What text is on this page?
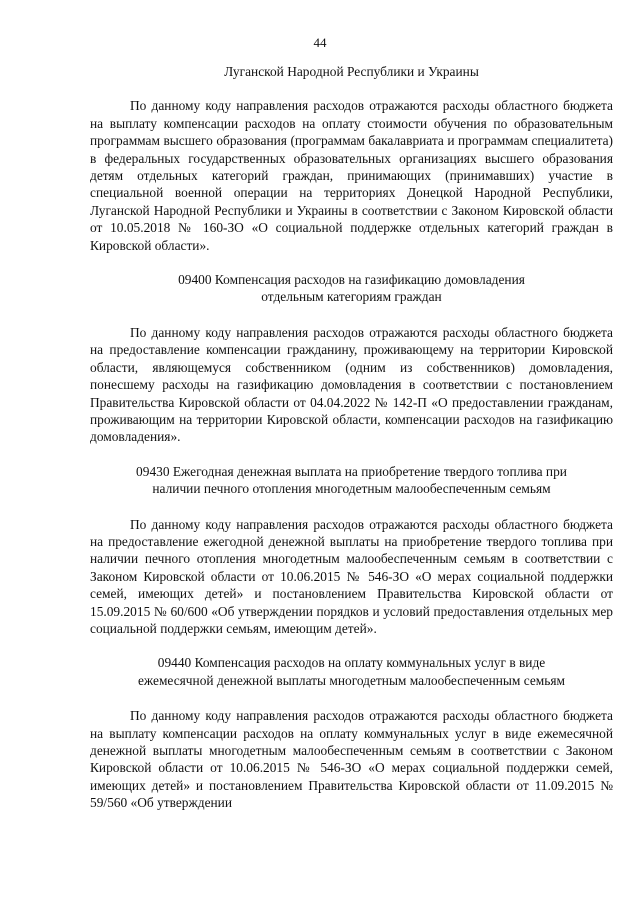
44

Луганской Народной Республики и Украины

По данному коду направления расходов отражаются расходы областного бюджета на выплату компенсации расходов на оплату стоимости обучения по образовательным программам высшего образования (программам бакалавриата и программам специалитета) в федеральных государственных образовательных организациях высшего образования детям отдельных категорий граждан, принимающих (принимавших) участие в специальной военной операции на территориях Донецкой Народной Республики, Луганской Народной Республики и Украины в соответствии с Законом Кировской области от 10.05.2018 № 160-ЗО «О социальной поддержке отдельных категорий граждан в Кировской области».

09400 Компенсация расходов на газификацию домовладения
отдельным категориям граждан

По данному коду направления расходов отражаются расходы областного бюджета на предоставление компенсации гражданину, проживающему на территории Кировской области, являющемуся собственником (одним из собственников) домовладения, понесшему расходы на газификацию домовладения в соответствии с постановлением Правительства Кировской области от 04.04.2022 № 142-П «О предоставлении гражданам, проживающим на территории Кировской области, компенсации расходов на газификацию домовладения».

09430 Ежегодная денежная выплата на приобретение твердого топлива при
наличии печного отопления многодетным малообеспеченным семьям

По данному коду направления расходов отражаются расходы областного бюджета на предоставление ежегодной денежной выплаты на приобретение твердого топлива при наличии печного отопления многодетным малообеспеченным семьям в соответствии с Законом Кировской области от 10.06.2015 № 546-ЗО «О мерах социальной поддержки семей, имеющих детей» и постановлением Правительства Кировской области от 15.09.2015 № 60/600 «Об утверждении порядков и условий предоставления отдельных мер социальной поддержки семьям, имеющим детей».

09440 Компенсация расходов на оплату коммунальных услуг в виде
ежемесячной денежной выплаты многодетным малообеспеченным семьям

По данному коду направления расходов отражаются расходы областного бюджета на выплату компенсации расходов на оплату коммунальных услуг в виде ежемесячной денежной выплаты многодетным малообеспеченным семьям в соответствии с Законом Кировской области от 10.06.2015 № 546-ЗО «О мерах социальной поддержки семей, имеющих детей» и постановлением Правительства Кировской области от 11.09.2015 № 59/560 «Об утверждении
